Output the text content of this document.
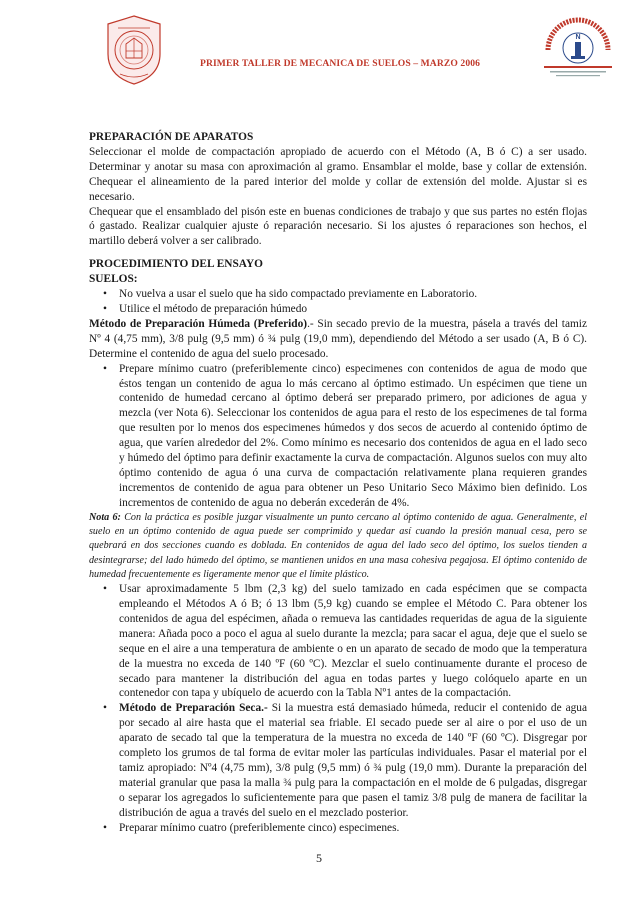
PRIMER TALLER DE MECANICA DE SUELOS – MARZO 2006
N

PREPARACIÓN DE APARATOS

Seleccionar el molde de compactación apropiado de acuerdo con el Método (A, B ó C) a ser usado. Determinar y anotar su masa con aproximación al gramo. Ensamblar el molde, base y collar de extensión. Chequear el alineamiento de la pared interior del molde y collar de extensión del molde. Ajustar si es necesario.

Chequear que el ensamblado del pisón este en buenas condiciones de trabajo y que sus partes no estén flojas ó gastado. Realizar cualquier ajuste ó reparación necesario. Si los ajustes ó reparaciones son hechos, el martillo deberá volver a ser calibrado.

PROCEDIMIENTO DEL ENSAYO

SUELOS:

• No vuelva a usar el suelo que ha sido compactado previamente en Laboratorio.

• Utilice el método de preparación húmedo

Método de Preparación Húmeda (Preferido).- Sin secado previo de la muestra, pásela a través del tamiz Nº 4 (4,75 mm), 3/8 pulg (9,5 mm) ó ¾ pulg (19,0 mm), dependiendo del Método a ser usado (A, B ó C). Determine el contenido de agua del suelo procesado.

• Prepare mínimo cuatro (preferiblemente cinco) especimenes con contenidos de agua de modo que éstos tengan un contenido de agua lo más cercano al óptimo estimado. Un espécimen que tiene un contenido de humedad cercano al óptimo deberá ser preparado primero, por adiciones de agua y mezcla (ver Nota 6). Seleccionar los contenidos de agua para el resto de los especimenes de tal forma que resulten por lo menos dos especimenes húmedos y dos secos de acuerdo al contenido óptimo de agua, que varíen alrededor del 2%. Como mínimo es necesario dos contenidos de agua en el lado seco y húmedo del óptimo para definir exactamente la curva de compactación. Algunos suelos con muy alto óptimo contenido de agua ó una curva de compactación relativamente plana requieren grandes incrementos de contenido de agua para obtener un Peso Unitario Seco Máximo bien definido. Los incrementos de contenido de agua no deberán excederán de 4%.

Nota 6: Con la práctica es posible juzgar visualmente un punto cercano al óptimo contenido de agua. Generalmente, el suelo en un óptimo contenido de agua puede ser comprimido y quedar así cuando la presión manual cesa, pero se quebrará en dos secciones cuando es doblada. En contenidos de agua del lado seco del óptimo, los suelos tienden a desintegrarse; del lado húmedo del óptimo, se mantienen unidos en una masa cohesiva pegajosa. El óptimo contenido de humedad frecuentemente es ligeramente menor que el límite plástico.

• Usar aproximadamente 5 lbm (2,3 kg) del suelo tamizado en cada espécimen que se compacta empleando el Métodos A ó B; ó 13 lbm (5,9 kg) cuando se emplee el Método C. Para obtener los contenidos de agua del espécimen, añada o remueva las cantidades requeridas de agua de la siguiente manera: Añada poco a poco el agua al suelo durante la mezcla; para sacar el agua, deje que el suelo se seque en el aire a una temperatura de ambiente o en un aparato de secado de modo que la temperatura de la muestra no exceda de 140 ºF (60 ºC). Mezclar el suelo continuamente durante el proceso de secado para mantener la distribución del agua en todas partes y luego colóquelo aparte en un contenedor con tapa y ubíquelo de acuerdo con la Tabla Nº1 antes de la compactación.

• Método de Preparación Seca.- Si la muestra está demasiado húmeda, reducir el contenido de agua por secado al aire hasta que el material sea friable. El secado puede ser al aire o por el uso de un aparato de secado tal que la temperatura de la muestra no exceda de 140 ºF (60 ºC). Disgregar por completo los grumos de tal forma de evitar moler las partículas individuales. Pasar el material por el tamiz apropiado: Nº4 (4,75 mm), 3/8 pulg (9,5 mm) ó ¾ pulg (19,0 mm). Durante la preparación del material granular que pasa la malla ¾ pulg para la compactación en el molde de 6 pulgadas, disgregar o separar los agregados lo suficientemente para que pasen el tamiz 3/8 pulg de manera de facilitar la distribución de agua a través del suelo en el mezclado posterior.

• Preparar mínimo cuatro (preferiblemente cinco) especimenes.

5
